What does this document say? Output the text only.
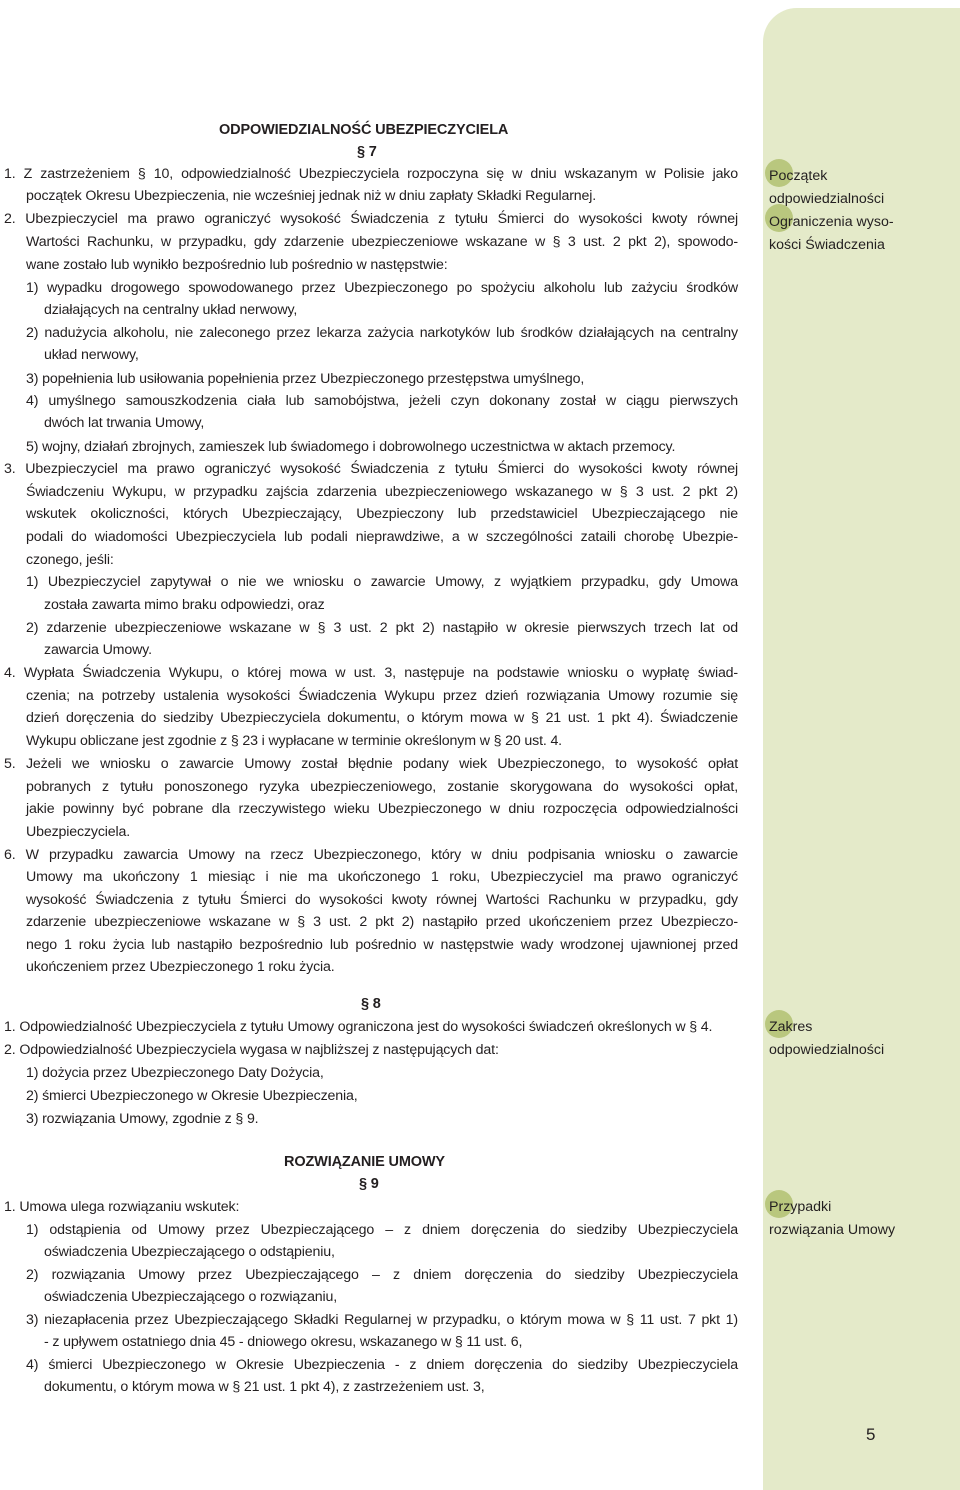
ODPOWIEDZIALNOŚĆ UBEZPIECZYCIELA
§ 7
1. Z zastrzeżeniem § 10, odpowiedzialność Ubezpieczyciela rozpoczyna się w dniu wskazanym w Polisie jako
początek Okresu Ubezpieczenia, nie wcześniej jednak niż w dniu zapłaty Składki Regularnej.
2. Ubezpieczyciel ma prawo ograniczyć wysokość Świadczenia z tytułu Śmierci do wysokości kwoty równej
Wartości Rachunku, w przypadku, gdy zdarzenie ubezpieczeniowe wskazane w § 3 ust. 2 pkt 2), spowodo-
wane zostało lub wynikło bezpośrednio lub pośrednio w następstwie:
1) wypadku drogowego spowodowanego przez Ubezpieczonego po spożyciu alkoholu lub zażyciu środków
działających na centralny układ nerwowy,
2) nadużycia alkoholu, nie zaleconego przez lekarza zażycia narkotyków lub środków działających na centralny
układ nerwowy,
3) popełnienia lub usiłowania popełnienia przez Ubezpieczonego przestępstwa umyślnego,
4) umyślnego samouszkodzenia ciała lub samobójstwa, jeżeli czyn dokonany został w ciągu pierwszych
dwóch lat trwania Umowy,
5) wojny, działań zbrojnych, zamieszek lub świadomego i dobrowolnego uczestnictwa w aktach przemocy.
3. Ubezpieczyciel ma prawo ograniczyć wysokość Świadczenia z tytułu Śmierci do wysokości kwoty równej
Świadczeniu Wykupu, w przypadku zajścia zdarzenia ubezpieczeniowego wskazanego w § 3 ust. 2 pkt 2)
wskutek okoliczności, których Ubezpieczający, Ubezpieczony lub przedstawiciel Ubezpieczającego nie
podali do wiadomości Ubezpieczyciela lub podali nieprawdziwe, a w szczególności zataili chorobę Ubezpie-
czonego, jeśli:
1) Ubezpieczyciel zapytywał o nie we wniosku o zawarcie Umowy, z wyjątkiem przypadku, gdy Umowa
została zawarta mimo braku odpowiedzi, oraz
2) zdarzenie ubezpieczeniowe wskazane w § 3 ust. 2 pkt 2) nastąpiło w okresie pierwszych trzech lat od
zawarcia Umowy.
4. Wypłata Świadczenia Wykupu, o której mowa w ust. 3, następuje na podstawie wniosku o wypłatę świad-
czenia; na potrzeby ustalenia wysokości Świadczenia Wykupu przez dzień rozwiązania Umowy rozumie się
dzień doręczenia do siedziby Ubezpieczyciela dokumentu, o którym mowa w § 21 ust. 1 pkt 4). Świadczenie
Wykupu obliczane jest zgodnie z § 23 i wypłacane w terminie określonym w § 20 ust. 4.
5. Jeżeli we wniosku o zawarcie Umowy został błędnie podany wiek Ubezpieczonego, to wysokość opłat
pobranych z tytułu ponoszonego ryzyka ubezpieczeniowego, zostanie skorygowana do wysokości opłat,
jakie powinny być pobrane dla rzeczywistego wieku Ubezpieczonego w dniu rozpoczęcia odpowiedzialności
Ubezpieczyciela.
6. W przypadku zawarcia Umowy na rzecz Ubezpieczonego, który w dniu podpisania wniosku o zawarcie
Umowy ma ukończony 1 miesiąc i nie ma ukończonego 1 roku, Ubezpieczyciel ma prawo ograniczyć
wysokość Świadczenia z tytułu Śmierci do wysokości kwoty równej Wartości Rachunku w przypadku, gdy
zdarzenie ubezpieczeniowe wskazane w § 3 ust. 2 pkt 2) nastąpiło przed ukończeniem przez Ubezpieczo-
nego 1 roku życia lub nastąpiło bezpośrednio lub pośrednio w następstwie wady wrodzonej ujawnionej przed
ukończeniem przez Ubezpieczonego 1 roku życia.
§ 8
1. Odpowiedzialność Ubezpieczyciela z tytułu Umowy ograniczona jest do wysokości świadczeń określonych w § 4.
2. Odpowiedzialność Ubezpieczyciela wygasa w najbliższej z następujących dat:
1) dożycia przez Ubezpieczonego Daty Dożycia,
2) śmierci Ubezpieczonego w Okresie Ubezpieczenia,
3) rozwiązania Umowy, zgodnie z § 9.
ROZWIĄZANIE UMOWY
§ 9
1. Umowa ulega rozwiązaniu wskutek:
1) odstąpienia od Umowy przez Ubezpieczającego – z dniem doręczenia do siedziby Ubezpieczyciela
oświadczenia Ubezpieczającego o odstąpieniu,
2) rozwiązania Umowy przez Ubezpieczającego – z dniem doręczenia do siedziby Ubezpieczyciela
oświadczenia Ubezpieczającego o rozwiązaniu,
3) niezapłacenia przez Ubezpieczającego Składki Regularnej w przypadku, o którym mowa w § 11 ust. 7 pkt 1)
- z upływem ostatniego dnia 45 - dniowego okresu, wskazanego w § 11 ust. 6,
4) śmierci Ubezpieczonego w Okresie Ubezpieczenia - z dniem doręczenia do siedziby Ubezpieczyciela
dokumentu, o którym mowa w § 21 ust. 1 pkt 4), z zastrzeżeniem ust. 3,
Początek
odpowiedzialności
Ograniczenia wyso-
kości Świadczenia
Zakres
odpowiedzialności
Przypadki
rozwiązania Umowy
5
